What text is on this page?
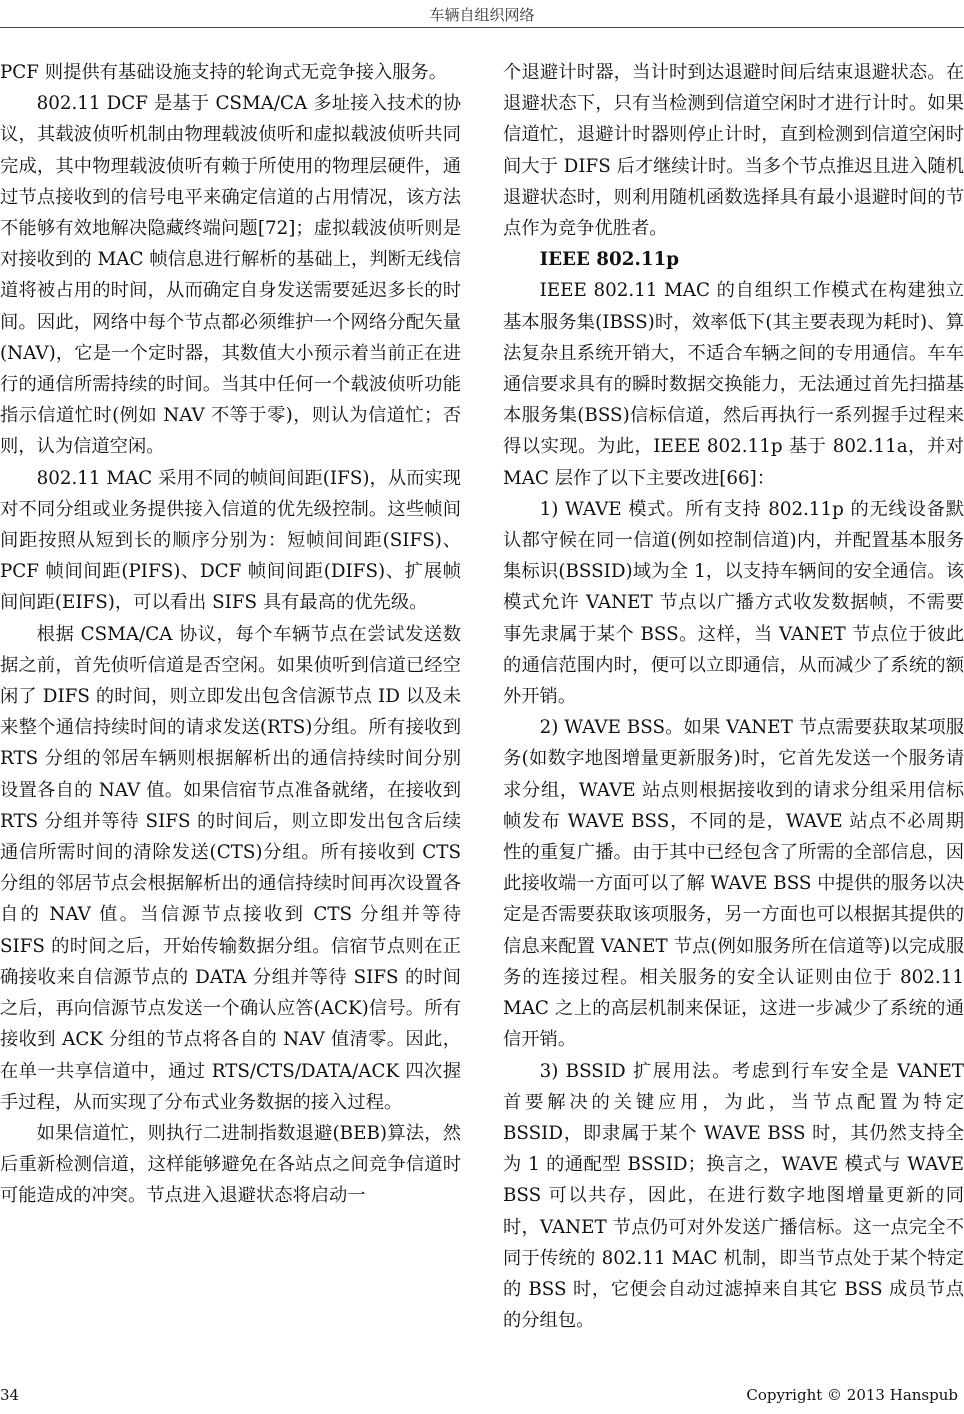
车辆自组织网络

PCF 则提供有基础设施支持的轮询式无竞争接入服务。

802.11 DCF 是基于 CSMA/CA 多址接入技术的协议，其载波侦听机制由物理载波侦听和虚拟载波侦听共同完成，其中物理载波侦听有赖于所使用的物理层硬件，通过节点接收到的信号电平来确定信道的占用情况，该方法不能够有效地解决隐藏终端问题[72]；虚拟载波侦听则是对接收到的 MAC 帧信息进行解析的基础上，判断无线信道将被占用的时间，从而确定自身发送需要延迟多长的时间。因此，网络中每个节点都必须维护一个网络分配矢量(NAV)，它是一个定时器，其数值大小预示着当前正在进行的通信所需持续的时间。当其中任何一个载波侦听功能指示信道忙时(例如 NAV 不等于零)，则认为信道忙；否则，认为信道空闲。

802.11 MAC 采用不同的帧间间距(IFS)，从而实现对不同分组或业务提供接入信道的优先级控制。这些帧间间距按照从短到长的顺序分别为：短帧间间距(SIFS)、PCF 帧间间距(PIFS)、DCF 帧间间距(DIFS)、扩展帧间间距(EIFS)，可以看出 SIFS 具有最高的优先级。

根据 CSMA/CA 协议，每个车辆节点在尝试发送数据之前，首先侦听信道是否空闲。如果侦听到信道已经空闲了 DIFS 的时间，则立即发出包含信源节点 ID 以及未来整个通信持续时间的请求发送(RTS)分组。所有接收到 RTS 分组的邻居车辆则根据解析出的通信持续时间分别设置各自的 NAV 值。如果信宿节点准备就绪，在接收到 RTS 分组并等待 SIFS 的时间后，则立即发出包含后续通信所需时间的清除发送(CTS)分组。所有接收到 CTS 分组的邻居节点会根据解析出的通信持续时间再次设置各自的 NAV 值。当信源节点接收到 CTS 分组并等待 SIFS 的时间之后，开始传输数据分组。信宿节点则在正确接收来自信源节点的 DATA 分组并等待 SIFS 的时间之后，再向信源节点发送一个确认应答(ACK)信号。所有接收到 ACK 分组的节点将各自的 NAV 值清零。因此，在单一共享信道中，通过 RTS/CTS/DATA/ACK 四次握手过程，从而实现了分布式业务数据的接入过程。

如果信道忙，则执行二进制指数退避(BEB)算法，然后重新检测信道，这样能够避免在各站点之间竞争信道时可能造成的冲突。节点进入退避状态将启动一

个退避计时器，当计时到达退避时间后结束退避状态。在退避状态下，只有当检测到信道空闲时才进行计时。如果信道忙，退避计时器则停止计时，直到检测到信道空闲时间大于 DIFS 后才继续计时。当多个节点推迟且进入随机退避状态时，则利用随机函数选择具有最小退避时间的节点作为竞争优胜者。

IEEE 802.11p

IEEE 802.11 MAC 的自组织工作模式在构建独立基本服务集(IBSS)时，效率低下(其主要表现为耗时)、算法复杂且系统开销大，不适合车辆之间的专用通信。车车通信要求具有的瞬时数据交换能力，无法通过首先扫描基本服务集(BSS)信标信道，然后再执行一系列握手过程来得以实现。为此，IEEE 802.11p 基于 802.11a，并对 MAC 层作了以下主要改进[66]：

1) WAVE 模式。所有支持 802.11p 的无线设备默认都守候在同一信道(例如控制信道)内，并配置基本服务集标识(BSSID)域为全 1，以支持车辆间的安全通信。该模式允许 VANET 节点以广播方式收发数据帧，不需要事先隶属于某个 BSS。这样，当 VANET 节点位于彼此的通信范围内时，便可以立即通信，从而减少了系统的额外开销。

2) WAVE BSS。如果 VANET 节点需要获取某项服务(如数字地图增量更新服务)时，它首先发送一个服务请求分组，WAVE 站点则根据接收到的请求分组采用信标帧发布 WAVE BSS，不同的是，WAVE 站点不必周期性的重复广播。由于其中已经包含了所需的全部信息，因此接收端一方面可以了解 WAVE BSS 中提供的服务以决定是否需要获取该项服务，另一方面也可以根据其提供的信息来配置 VANET 节点(例如服务所在信道等)以完成服务的连接过程。相关服务的安全认证则由位于 802.11 MAC 之上的高层机制来保证，这进一步减少了系统的通信开销。

3) BSSID 扩展用法。考虑到行车安全是 VANET 首要解决的关键应用，为此，当节点配置为特定 BSSID，即隶属于某个 WAVE BSS 时，其仍然支持全为 1 的通配型 BSSID；换言之，WAVE 模式与 WAVE BSS 可以共存，因此，在进行数字地图增量更新的同时，VANET 节点仍可对外发送广播信标。这一点完全不同于传统的 802.11 MAC 机制，即当节点处于某个特定的 BSS 时，它便会自动过滤掉来自其它 BSS 成员节点的分组包。

34	Copyright © 2013 Hanspub
